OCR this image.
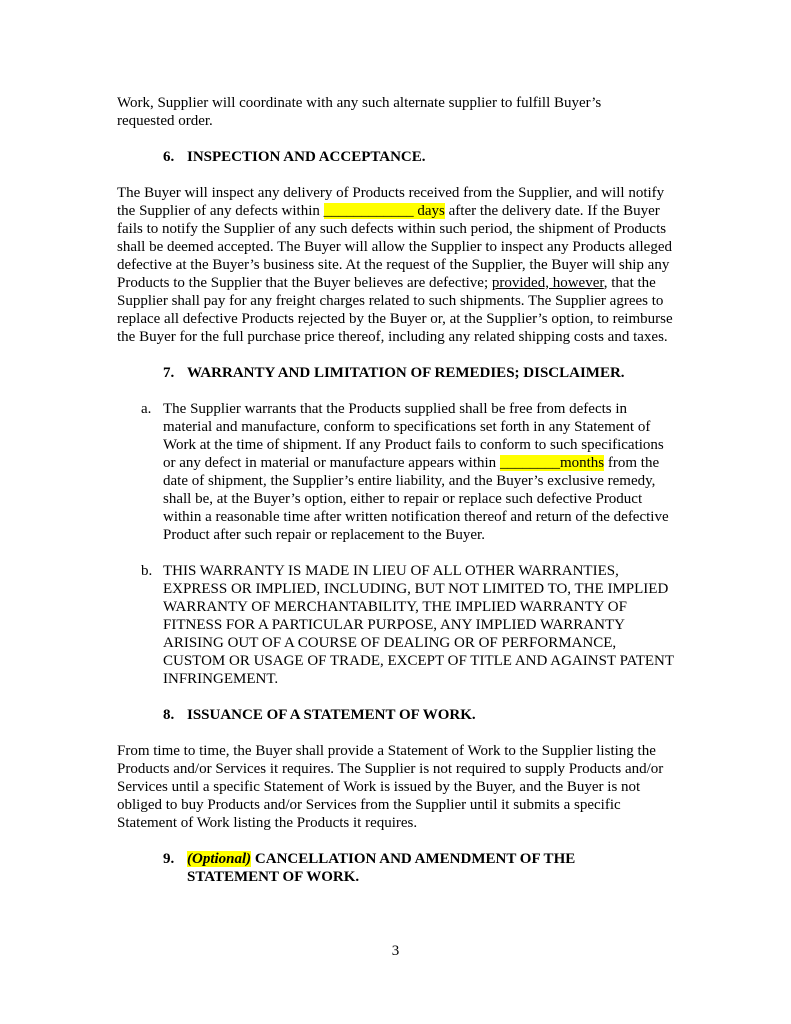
Work, Supplier will coordinate with any such alternate supplier to fulfill Buyer’s
requested order.

6. INSPECTION AND ACCEPTANCE.

The Buyer will inspect any delivery of Products received from the Supplier, and will notify the Supplier of any defects within ____________ days after the delivery date. If the Buyer fails to notify the Supplier of any such defects within such period, the shipment of Products shall be deemed accepted. The Buyer will allow the Supplier to inspect any Products alleged defective at the Buyer’s business site. At the request of the Supplier, the Buyer will ship any Products to the Supplier that the Buyer believes are defective; provided, however, that the Supplier shall pay for any freight charges related to such shipments. The Supplier agrees to replace all defective Products rejected by the Buyer or, at the Supplier’s option, to reimburse the Buyer for the full purchase price thereof, including any related shipping costs and taxes.

7. WARRANTY AND LIMITATION OF REMEDIES; DISCLAIMER.

a. The Supplier warrants that the Products supplied shall be free from defects in material and manufacture, conform to specifications set forth in any Statement of Work at the time of shipment. If any Product fails to conform to such specifications or any defect in material or manufacture appears within ________months from the date of shipment, the Supplier’s entire liability, and the Buyer’s exclusive remedy, shall be, at the Buyer’s option, either to repair or replace such defective Product within a reasonable time after written notification thereof and return of the defective Product after such repair or replacement to the Buyer.

b. THIS WARRANTY IS MADE IN LIEU OF ALL OTHER WARRANTIES, EXPRESS OR IMPLIED, INCLUDING, BUT NOT LIMITED TO, THE IMPLIED WARRANTY OF MERCHANTABILITY, THE IMPLIED WARRANTY OF FITNESS FOR A PARTICULAR PURPOSE, ANY IMPLIED WARRANTY ARISING OUT OF A COURSE OF DEALING OR OF PERFORMANCE, CUSTOM OR USAGE OF TRADE, EXCEPT OF TITLE AND AGAINST PATENT INFRINGEMENT.

8. ISSUANCE OF A STATEMENT OF WORK.

From time to time, the Buyer shall provide a Statement of Work to the Supplier listing the Products and/or Services it requires. The Supplier is not required to supply Products and/or Services until a specific Statement of Work is issued by the Buyer, and the Buyer is not obliged to buy Products and/or Services from the Supplier until it submits a specific Statement of Work listing the Products it requires.

9. (Optional) CANCELLATION AND AMENDMENT OF THE
STATEMENT OF WORK.

3
